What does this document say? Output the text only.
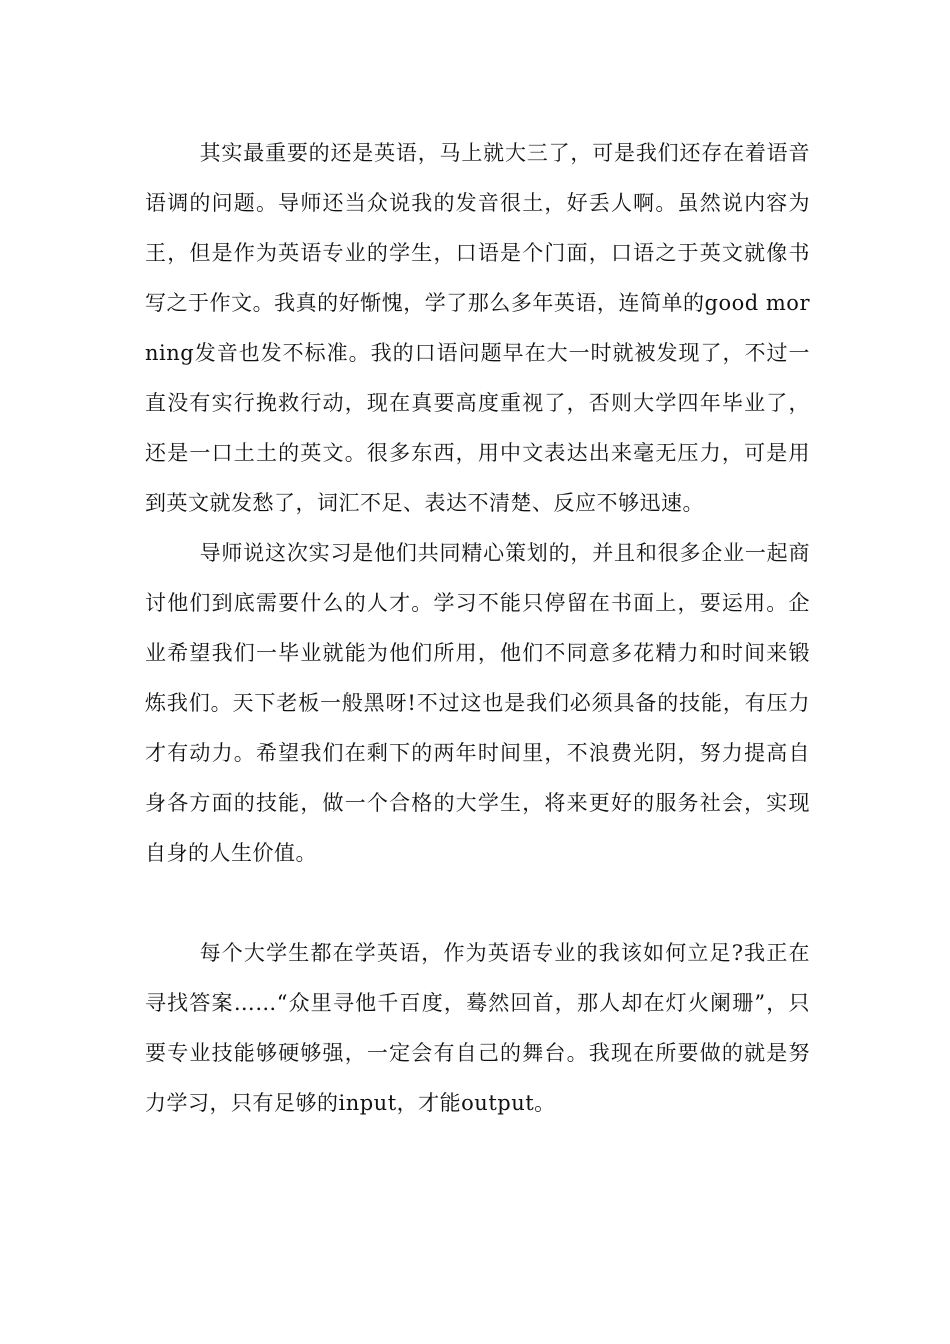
其实最重要的还是英语，马上就大三了，可是我们还存在着语音语调的问题。导师还当众说我的发音很土，好丢人啊。虽然说内容为王，但是作为英语专业的学生，口语是个门面，口语之于英文就像书写之于作文。我真的好惭愧，学了那么多年英语，连简单的good morning发音也发不标准。我的口语问题早在大一时就被发现了，不过一直没有实行挽救行动，现在真要高度重视了，否则大学四年毕业了，还是一口土土的英文。很多东西，用中文表达出来毫无压力，可是用到英文就发愁了，词汇不足、表达不清楚、反应不够迅速。

导师说这次实习是他们共同精心策划的，并且和很多企业一起商讨他们到底需要什么的人才。学习不能只停留在书面上，要运用。企业希望我们一毕业就能为他们所用，他们不同意多花精力和时间来锻炼我们。天下老板一般黑呀!不过这也是我们必须具备的技能，有压力才有动力。希望我们在剩下的两年时间里，不浪费光阴，努力提高自身各方面的技能，做一个合格的大学生，将来更好的服务社会，实现自身的人生价值。

每个大学生都在学英语，作为英语专业的我该如何立足?我正在寻找答案……“众里寻他千百度，蓦然回首，那人却在灯火阑珊”，只要专业技能够硬够强，一定会有自己的舞台。我现在所要做的就是努力学习，只有足够的input，才能output。
